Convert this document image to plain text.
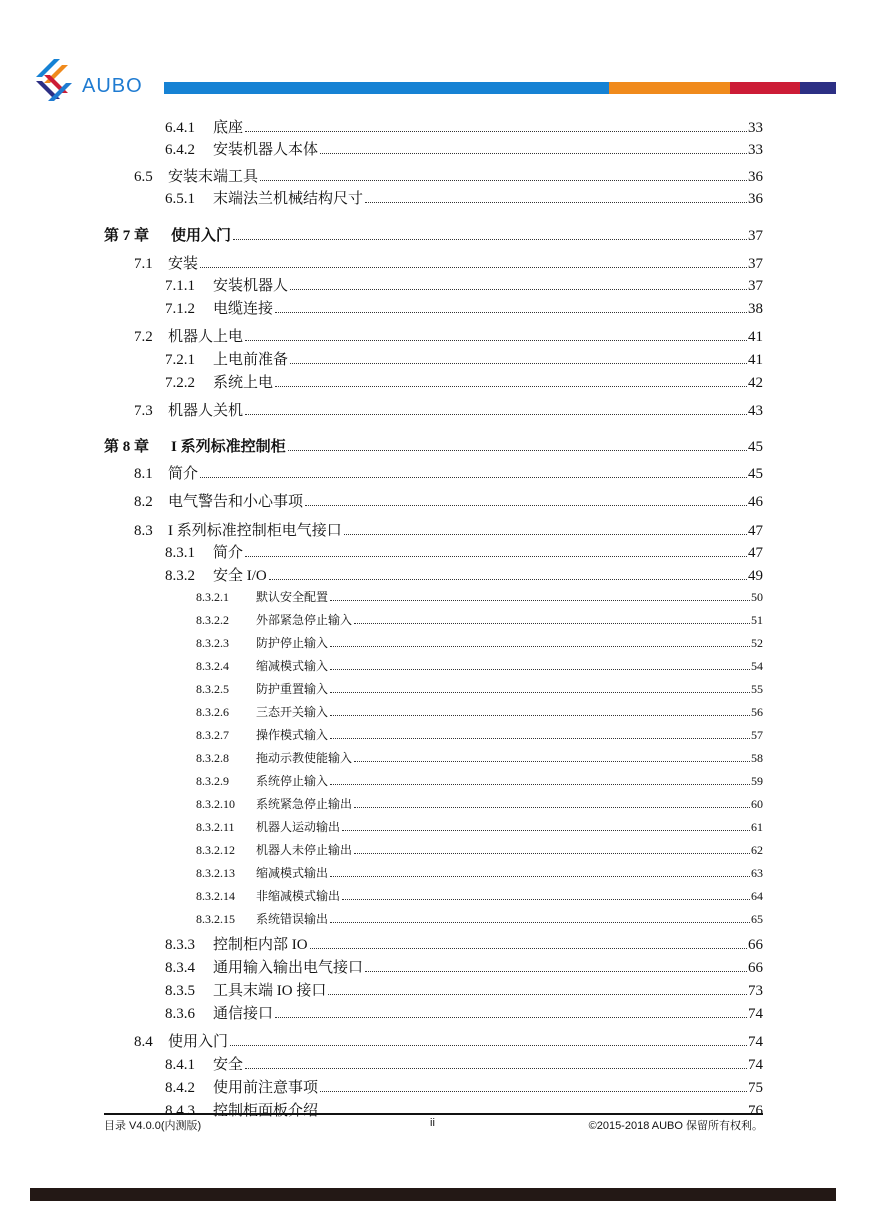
AUBO
6.4.1	底座	33
6.4.2	安装机器人本体	33
6.5	安装末端工具	36
6.5.1	末端法兰机械结构尺寸	36
第 7 章	使用入门	37
7.1	安装	37
7.1.1	安装机器人	37
7.1.2	电缆连接	38
7.2	机器人上电	41
7.2.1	上电前准备	41
7.2.2	系统上电	42
7.3	机器人关机	43
第 8 章	I 系列标准控制柜	45
8.1	简介	45
8.2	电气警告和小心事项	46
8.3	I 系列标准控制柜电气接口	47
8.3.1	简介	47
8.3.2	安全 I/O	49
8.3.2.1	默认安全配置	50
8.3.2.2	外部紧急停止输入	51
8.3.2.3	防护停止输入	52
8.3.2.4	缩减模式输入	54
8.3.2.5	防护重置输入	55
8.3.2.6	三态开关输入	56
8.3.2.7	操作模式输入	57
8.3.2.8	拖动示教使能输入	58
8.3.2.9	系统停止输入	59
8.3.2.10	系统紧急停止输出	60
8.3.2.11	机器人运动输出	61
8.3.2.12	机器人未停止输出	62
8.3.2.13	缩减模式输出	63
8.3.2.14	非缩减模式输出	64
8.3.2.15	系统错误输出	65
8.3.3	控制柜内部 IO	66
8.3.4	通用输入输出电气接口	66
8.3.5	工具末端 IO 接口	73
8.3.6	通信接口	74
8.4	使用入门	74
8.4.1	安全	74
8.4.2	使用前注意事项	75
8.4.3	控制柜面板介绍	76
目录 V4.0.0(内测版)	ii	©2015-2018 AUBO 保留所有权利。
